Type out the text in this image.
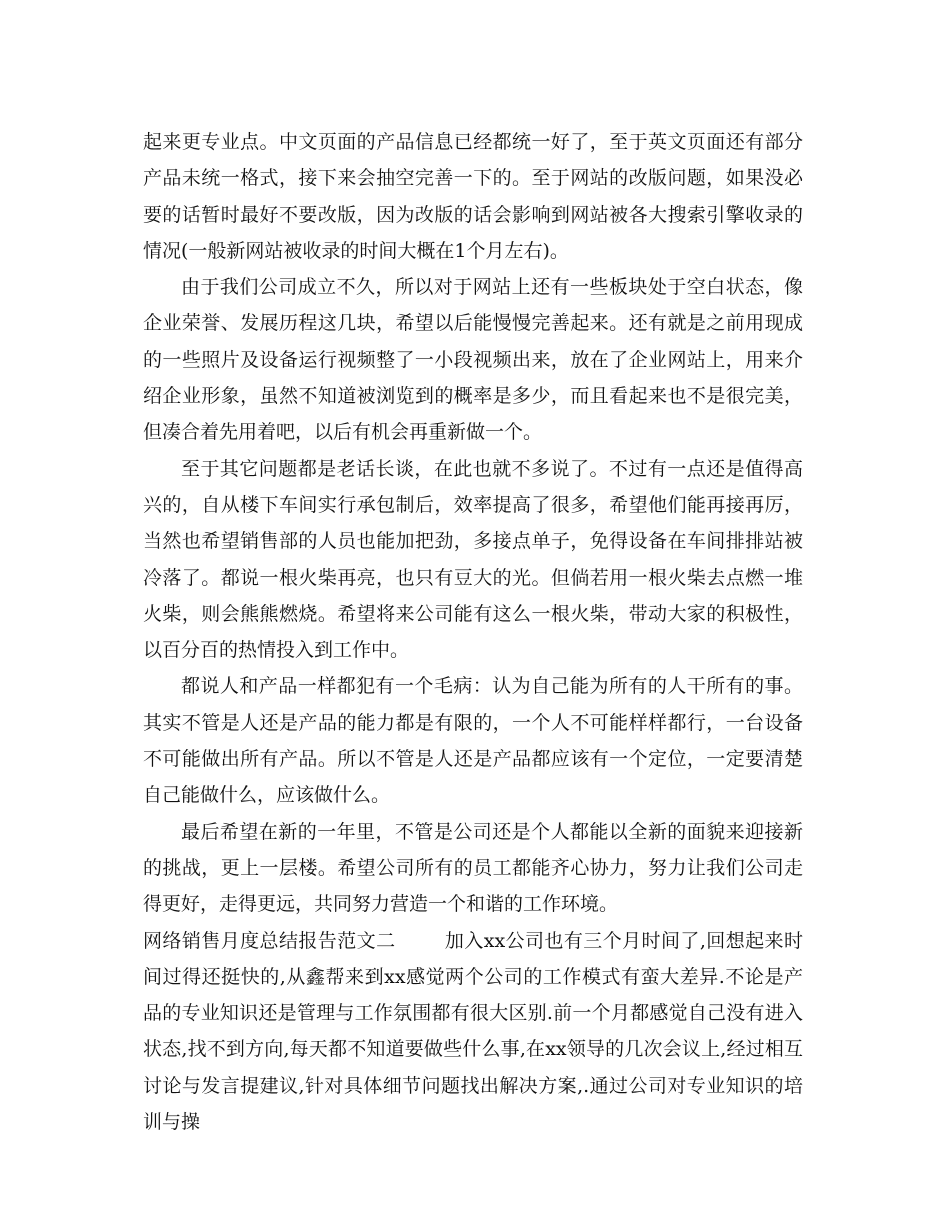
起来更专业点。中文页面的产品信息已经都统一好了，至于英文页面还有部分产品未统一格式，接下来会抽空完善一下的。至于网站的改版问题，如果没必要的话暂时最好不要改版，因为改版的话会影响到网站被各大搜索引擎收录的情况(一般新网站被收录的时间大概在1个月左右)。

由于我们公司成立不久，所以对于网站上还有一些板块处于空白状态，像企业荣誉、发展历程这几块，希望以后能慢慢完善起来。还有就是之前用现成的一些照片及设备运行视频整了一小段视频出来，放在了企业网站上，用来介绍企业形象，虽然不知道被浏览到的概率是多少，而且看起来也不是很完美，但凑合着先用着吧，以后有机会再重新做一个。

至于其它问题都是老话长谈，在此也就不多说了。不过有一点还是值得高兴的，自从楼下车间实行承包制后，效率提高了很多，希望他们能再接再厉，当然也希望销售部的人员也能加把劲，多接点单子，免得设备在车间排排站被冷落了。都说一根火柴再亮，也只有豆大的光。但倘若用一根火柴去点燃一堆火柴，则会熊熊燃烧。希望将来公司能有这么一根火柴，带动大家的积极性，以百分百的热情投入到工作中。

都说人和产品一样都犯有一个毛病：认为自己能为所有的人干所有的事。其实不管是人还是产品的能力都是有限的，一个人不可能样样都行，一台设备不可能做出所有产品。所以不管是人还是产品都应该有一个定位，一定要清楚自己能做什么，应该做什么。

最后希望在新的一年里，不管是公司还是个人都能以全新的面貌来迎接新的挑战，更上一层楼。希望公司所有的员工都能齐心协力，努力让我们公司走得更好，走得更远，共同努力营造一个和谐的工作环境。

网络销售月度总结报告范文二	加入xx公司也有三个月时间了,回想起来时间过得还挺快的,从鑫帮来到xx感觉两个公司的工作模式有蛮大差异.不论是产品的专业知识还是管理与工作氛围都有很大区别.前一个月都感觉自己没有进入状态,找不到方向,每天都不知道要做些什么事,在xx领导的几次会议上,经过相互讨论与发言提建议,针对具体细节问题找出解决方案,.通过公司对专业知识的培训与操
